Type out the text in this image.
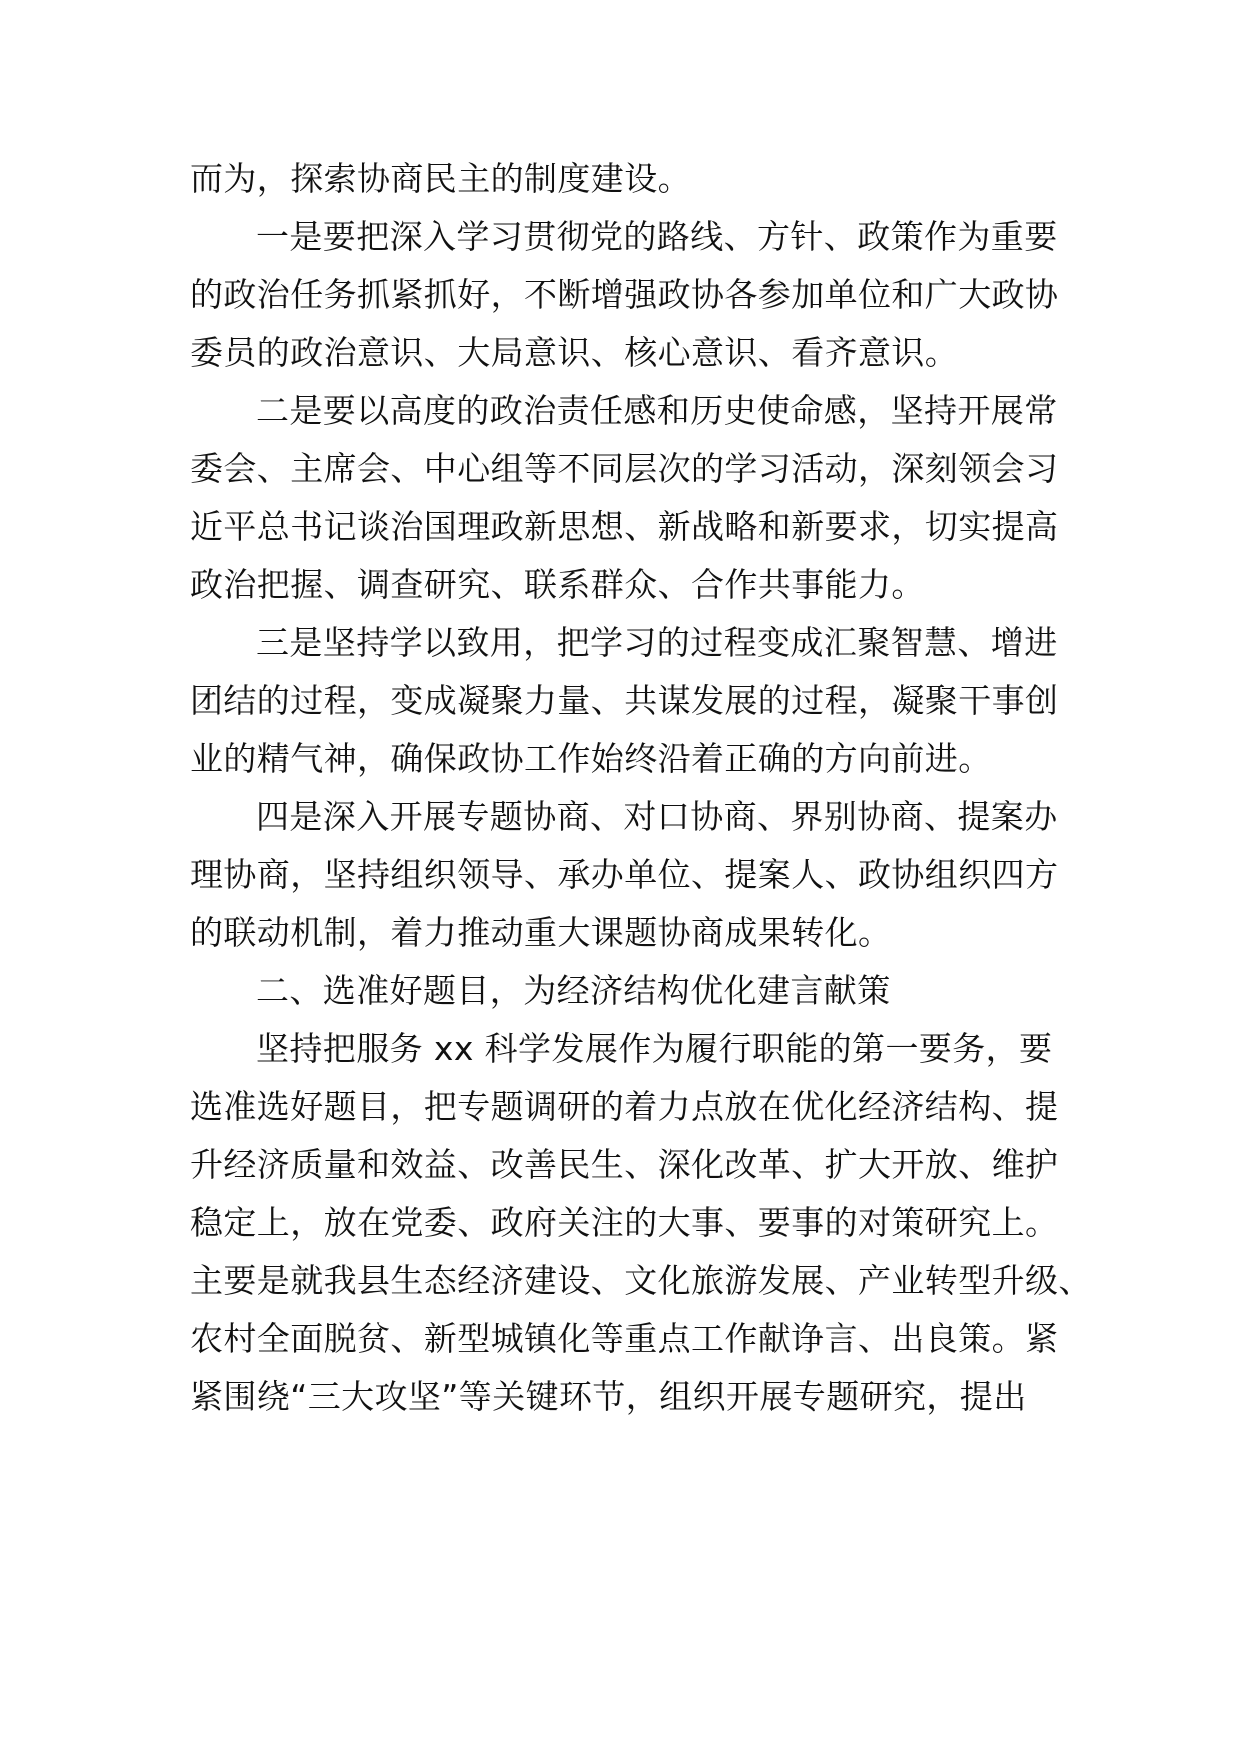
而为，探索协商民主的制度建设。
一是要把深入学习贯彻党的路线、方针、政策作为重要
的政治任务抓紧抓好，不断增强政协各参加单位和广大政协
委员的政治意识、大局意识、核心意识、看齐意识。
二是要以高度的政治责任感和历史使命感，坚持开展常
委会、主席会、中心组等不同层次的学习活动，深刻领会习
近平总书记谈治国理政新思想、新战略和新要求，切实提高
政治把握、调查研究、联系群众、合作共事能力。
三是坚持学以致用，把学习的过程变成汇聚智慧、增进
团结的过程，变成凝聚力量、共谋发展的过程，凝聚干事创
业的精气神，确保政协工作始终沿着正确的方向前进。
四是深入开展专题协商、对口协商、界别协商、提案办
理协商，坚持组织领导、承办单位、提案人、政协组织四方
的联动机制，着力推动重大课题协商成果转化。
二、选准好题目，为经济结构优化建言献策
坚持把服务 xx 科学发展作为履行职能的第一要务，要
选准选好题目，把专题调研的着力点放在优化经济结构、提
升经济质量和效益、改善民生、深化改革、扩大开放、维护
稳定上，放在党委、政府关注的大事、要事的对策研究上。
主要是就我县生态经济建设、文化旅游发展、产业转型升级、
农村全面脱贫、新型城镇化等重点工作献诤言、出良策。紧
紧围绕“三大攻坚”等关键环节，组织开展专题研究，提出
